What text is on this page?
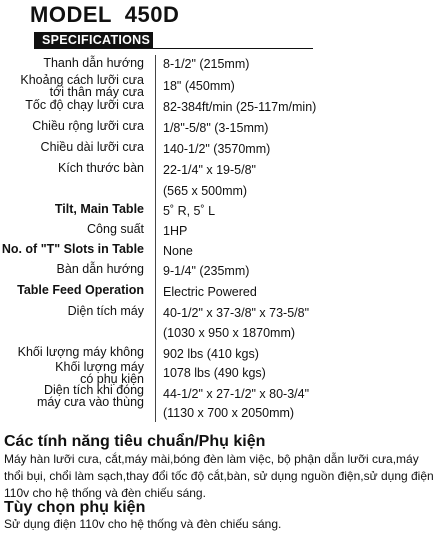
MODEL  450D
SPECIFICATIONS
Thanh dẫn hướng 8-1/2" (215mm)
Khoảng cách lưỡi cưa
tới thân máy cưa 18" (450mm)
Tốc độ chạy lưỡi cưa 82-384ft/min (25-117m/min)
Chiều rộng lưỡi cưa 1/8"-5/8" (3-15mm)
Chiều dài lưỡi cưa 140-1/2" (3570mm)
Kích thước bàn 22-1/4" x 19-5/8"
(565 x 500mm)
Tilt, Main Table 5˚ R, 5˚ L
Công suất 1HP
No. of "T" Slots in Table None
Bàn dẫn hướng 9-1/4" (235mm)
Table Feed Operation Electric Powered
Diện tích máy 40-1/2" x 37-3/8" x 73-5/8"
(1030 x 950 x 1870mm)
Khối lượng máy không 902 lbs (410 kgs)
Khối lượng máy
có phụ kiện 1078 lbs (490 kgs)
Diện tích khi đóng
máy cưa vào thùng
44-1/2" x 27-1/2" x 80-3/4"
(1130 x 700 x 2050mm)
Các tính năng tiêu chuẩn/Phụ kiện
Máy hàn lưỡi cưa, cắt,máy mài,bóng đèn làm việc, bộ phận dẫn lưỡi cưa,máy thổi bụi, chổi làm sạch,thay đổi tốc độ cắt,bàn, sử dụng nguồn điện,sử dụng điện 110v cho hệ thống và đèn chiếu sáng.
Tùy chọn phụ kiện
Sử dụng điện 110v cho hệ thống và đèn chiếu sáng.
